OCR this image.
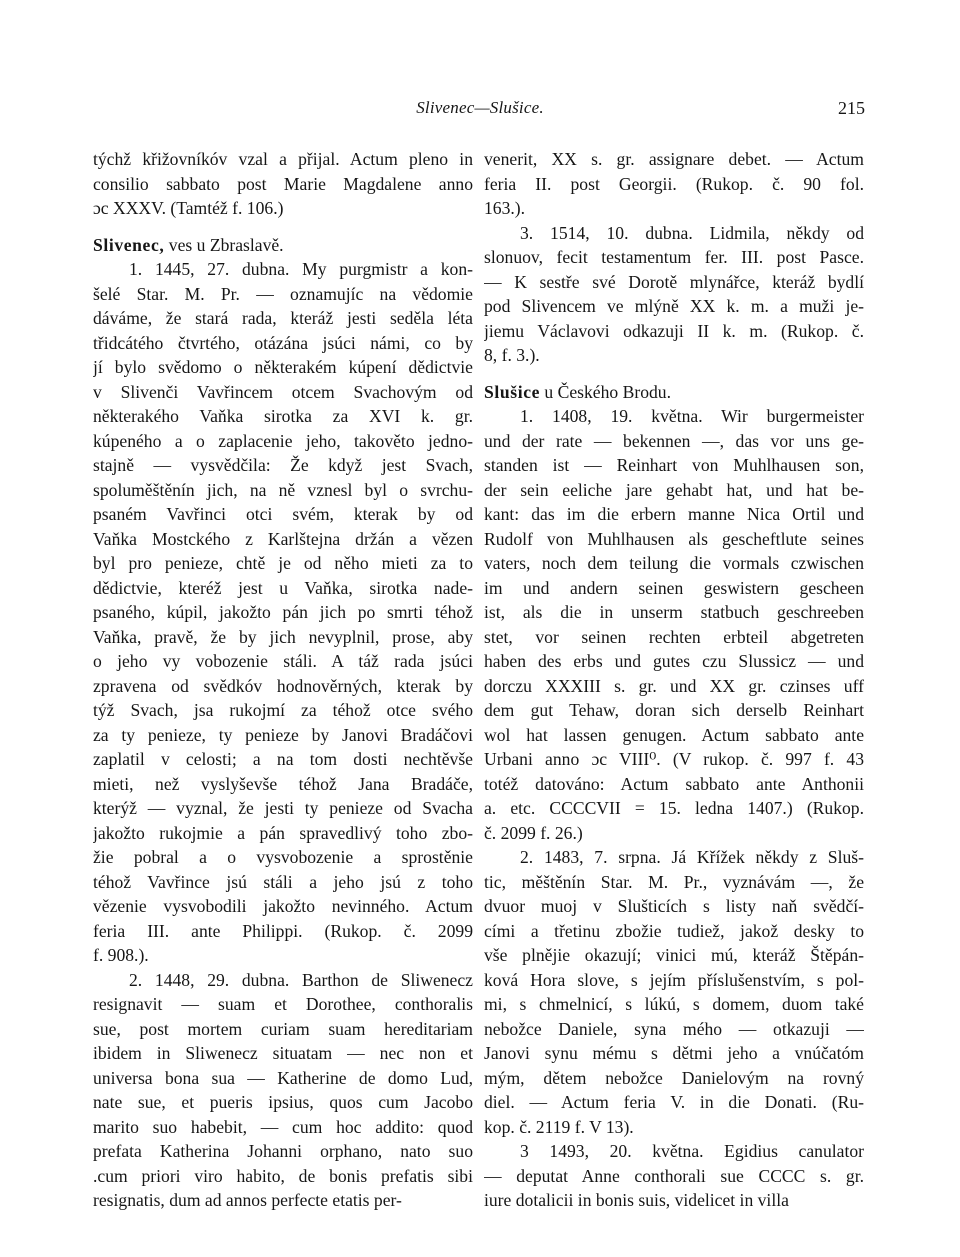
Slivenec—Slušice.	215
týchž křižovníkóv vzal a přijal. Actum pleno in
consilio sabbato post Marie Magdalene anno
ɔc XXXV. (Tamtéž f. 106.)
Slivenec, ves u Zbraslavě.
1. 1445, 27. dubna. My purgmistr a kon-
šelé Star. M. Pr. — oznamujíc na vědomie
dáváme, že stará rada, kteráž jesti seděla léta
třidcátého čtvrtého, otázána jsúci námi, co by
jí bylo svědomo o některakém kúpení dědictvie
v Slivenči Vavřincem otcem Svachovým od
některakého Vaňka sirotka za XVI k. gr.
kúpeného a o zaplacenie jeho, takověto jedno-
stajně — vysvědčila: Že když jest Svach,
spoluměštěnín jich, na ně vznesl byl o svrchu-
psaném Vavřinci otci svém, kterak by od
Vaňka Mostckého z Karlštejna držán a vězen
byl pro penieze, chtě je od něho mieti za to
dědictvie, kteréž jest u Vaňka, sirotka nade-
psaného, kúpil, jakožto pán jich po smrti téhož
Vaňka, pravě, že by jich nevyplnil, prose, aby
o jeho vy vobozenie stáli. A táž rada jsúci
zpravena od svědkóv hodnověrných, kterak by
týž Svach, jsa rukojmí za téhož otce svého
za ty penieze, ty penieze by Janovi Bradáčovi
zaplatil v celosti; a na tom dosti nechtěvše
mieti, než vyslyševše téhož Jana Bradáče,
kterýž — vyznal, že jesti ty penieze od Svacha
jakožto rukojmie a pán spravedlivý toho zbo-
žie pobral a o vysvobozenie a sprostěnie
téhož Vavřince jsú stáli a jeho jsú z toho
vězenie vysvobodili jakožto nevinného. Actum
feria III. ante Philippi. (Rukop. č. 2099
f. 908.).
2. 1448, 29. dubna. Barthon de Sliwenecz
resignavit — suam et Dorothee, conthoralis
sue, post mortem curiam suam hereditariam
ibidem in Sliwenecz situatam — nec non et
universa bona sua — Katherine de domo Lud,
nate sue, et pueris ipsius, quos cum Jacobo
marito suo habebit, — cum hoc addito: quod
prefata Katherina Johanni orphano, nato suo
.cum priori viro habito, de bonis prefatis sibi
resignatis, dum ad annos perfecte etatis per-
venerit, XX s. gr. assignare debet. — Actum
feria II. post Georgii. (Rukop. č. 90 fol.
163.).
3. 1514, 10. dubna. Lidmila, někdy od
slonuov, fecit testamentum fer. III. post Pasce.
— K sestře své Dorotě mlynářce, kteráž bydlí
pod Slivencem ve mlýně XX k. m. a muži je-
jiemu Václavovi odkazuji II k. m. (Rukop. č.
8, f. 3.).
Slušice u Českého Brodu.
1. 1408, 19. května. Wir burgermeister
und der rate — bekennen —, das vor uns ge-
standen ist — Reinhart von Muhlhausen son,
der sein eeliche jare gehabt hat, und hat be-
kant: das im die erbern manne Nica Ortil und
Rudolf von Muhlhausen als gescheftlute seines
vaters, noch dem teilung die vormals czwischen
im und andern seinen geswistern gescheen
ist, als die in unserm statbuch geschreeben
stet, vor seinen rechten erbteil abgetreten
haben des erbs und gutes czu Slussicz — und
dorczu XXXIII s. gr. und XX gr. czinses uff
dem gut Tehaw, doran sich derselb Reinhart
wol hat lassen genugen. Actum sabbato ante
Urbani anno ɔc VIII⁰. (V rukop. č. 997 f. 43
totéž datováno: Actum sabbato ante Anthonii
a. etc. CCCCVII = 15. ledna 1407.) (Rukop.
č. 2099 f. 26.)
2. 1483, 7. srpna. Já Křížek někdy z Sluš-
tic, měštěnín Star. M. Pr., vyznávám —, že
dvuor muoj v Slušticích s listy naň svědčí-
cími a třetinu zbožie tudiež, jakož desky to
vše plnějie okazují; vinici mú, kteráž Štěpán-
ková Hora slove, s jejím příslušenstvím, s pol-
mi, s chmelnicí, s lúkú, s domem, duom také
nebožce Daniele, syna mého — otkazuji —
Janovi synu mému s dětmi jeho a vnúčatóm
mým, dětem nebožce Danielovým na rovný
diel. — Actum feria V. in die Donati. (Ru-
kop. č. 2119 f. V 13).
3 1493, 20. května. Egidius canulator
— deputat Anne conthorali sue CCCC s. gr.
iure dotalicii in bonis suis, videlicet in villa
